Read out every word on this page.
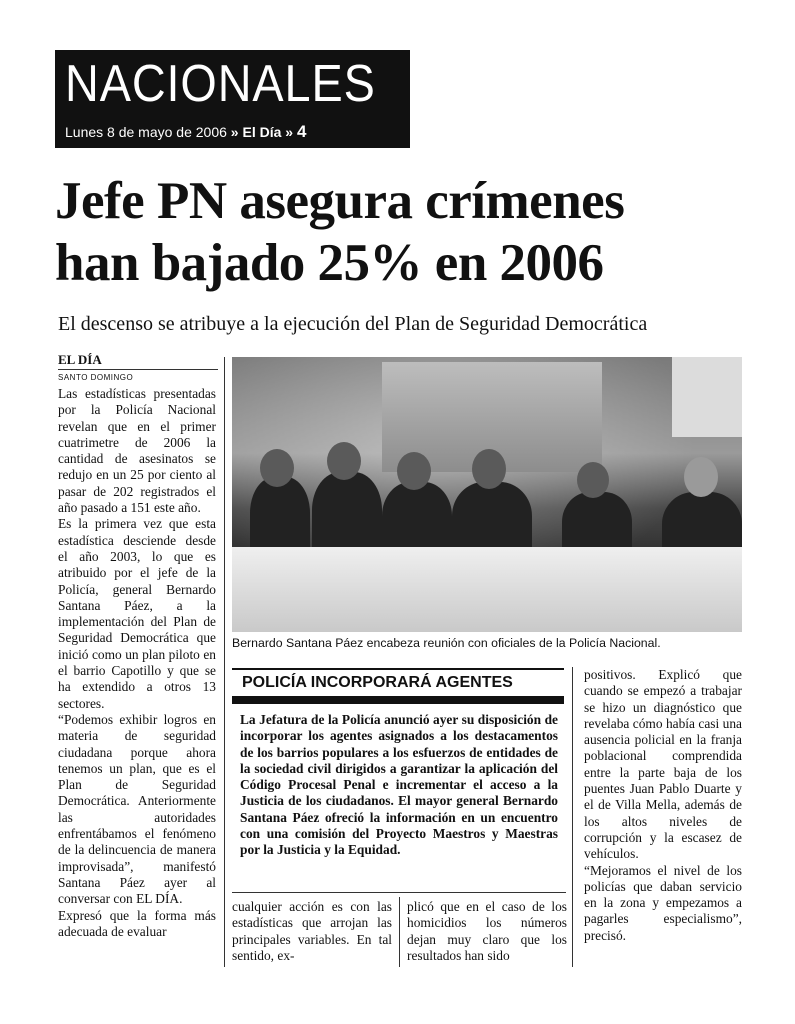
NACIONALES
Lunes 8 de mayo de 2006 » El Día » 4
Jefe PN asegura crímenes
han bajado 25% en 2006
El descenso se atribuye a la ejecución del Plan de Seguridad Democrática
EL DÍA
SANTO DOMINGO

Las estadísticas presentadas por la Policía Nacional revelan que en el primer cuatrimetre de 2006 la cantidad de asesinatos se redujo en un 25 por ciento al pasar de 202 registrados el año pasado a 151 este año.

Es la primera vez que esta estadística desciende desde el año 2003, lo que es atribuido por el jefe de la Policía, general Bernardo Santana Páez, a la implementación del Plan de Seguridad Democrática que inició como un plan piloto en el barrio Capotillo y que se ha extendido a otros 13 sectores.

“Podemos exhibir logros en materia de seguridad ciudadana porque ahora tenemos un plan, que es el Plan de Seguridad Democrática. Anteriormente las autoridades enfrentábamos el fenómeno de la delincuencia de manera improvisada”, manifestó Santana Páez ayer al conversar con EL DÍA.

Expresó que la forma más adecuada de evaluar

Bernardo Santana Páez encabeza reunión con oficiales de la Policía Nacional.
POLICÍA INCORPORARÁ AGENTES
La Jefatura de la Policía anunció ayer su disposición de incorporar los agentes asignados a los destacamentos de los barrios populares a los esfuerzos de entidades de la sociedad civil dirigidos a garantizar la aplicación del Código Procesal Penal e incrementar el acceso a la Justicia de los ciudadanos. El mayor general Bernardo Santana Páez ofreció la información en un encuentro con una comisión del Proyecto Maestros y Maestras por la Justicia y la Equidad.

cualquier acción es con las estadísticas que arrojan las principales variables. En tal sentido, ex-

plicó que en el caso de los homicidios los números dejan muy claro que los resultados han sido

positivos. Explicó que cuando se empezó a trabajar se hizo un diagnóstico que revelaba cómo había casi una ausencia policial en la franja poblacional comprendida entre la parte baja de los puentes Juan Pablo Duarte y el de Villa Mella, además de los altos niveles de corrupción y la escasez de vehículos.

“Mejoramos el nivel de los policías que daban servicio en la zona y empezamos a pagarles especialismo”, precisó.
